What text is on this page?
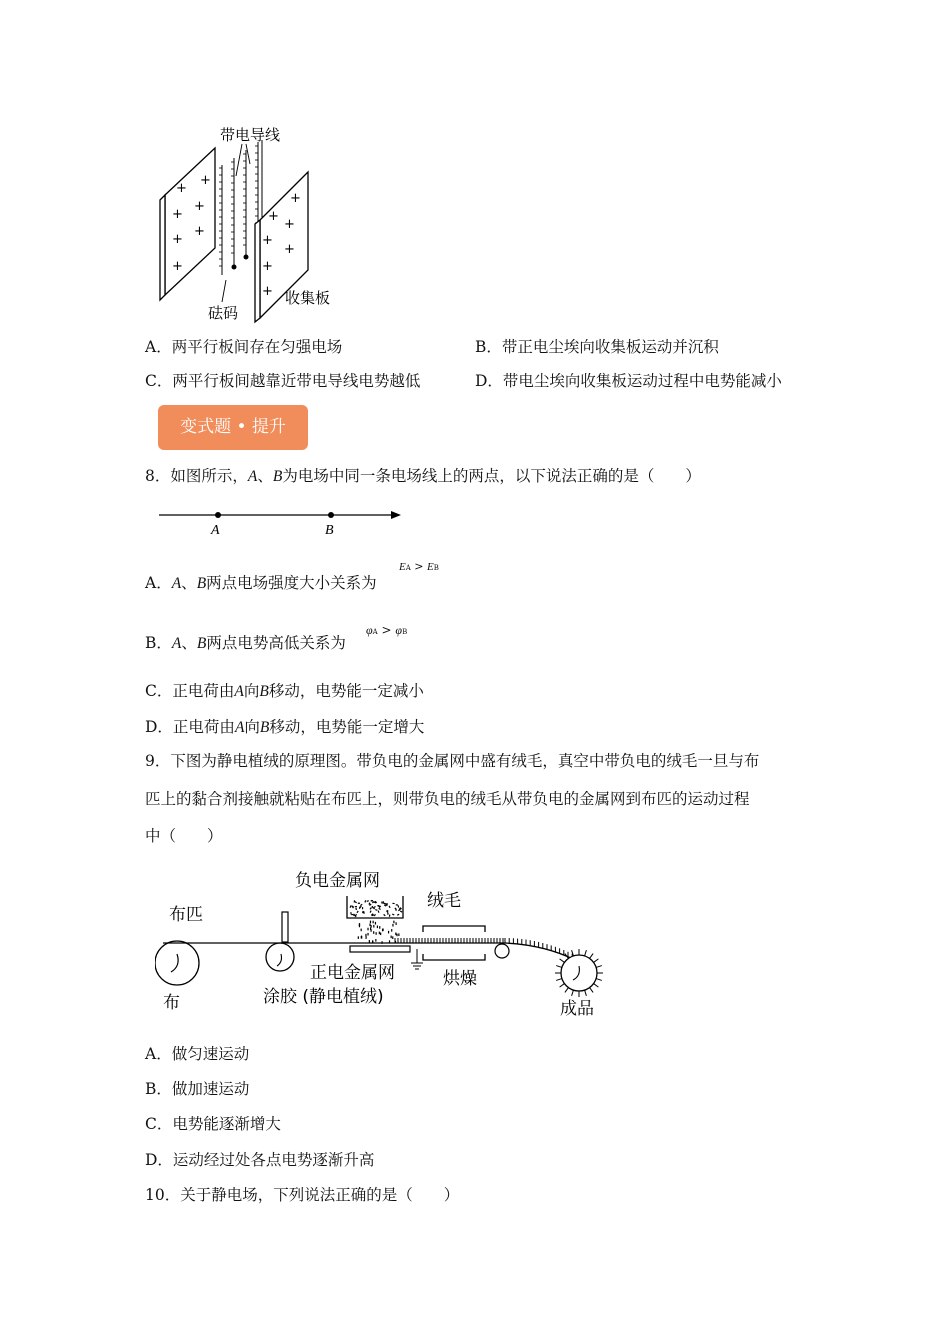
+
+
+
+
+
+
+
+
+
+
+
+
+
+
带电导线
砝码
收集板
A．两平行板间存在匀强电场	B．带正电尘埃向收集板运动并沉积
C．两平行板间越靠近带电导线电势越低	D．带电尘埃向收集板运动过程中电势能减小
变式题 • 提升
8．如图所示，A、B为电场中同一条电场线上的两点，以下说法正确的是（　　）
A	B
A．A、B两点电场强度大小关系为
EA > EB
B．A、B两点电势高低关系为
φA > φB
C．正电荷由A向B移动，电势能一定减小
D．正电荷由A向B移动，电势能一定增大
9．下图为静电植绒的原理图。带负电的金属网中盛有绒毛，真空中带负电的绒毛一旦与布
匹上的黏合剂接触就粘贴在布匹上，则带负电的绒毛从带负电的金属网到布匹的运动过程
中（　　）
负电金属网
绒毛
布匹
布	涂胶 (静电植绒)
正电金属网	烘燥
成品
A．做匀速运动
B．做加速运动
C．电势能逐渐增大
D．运动经过处各点电势逐渐升高
10．关于静电场，下列说法正确的是（　　）
